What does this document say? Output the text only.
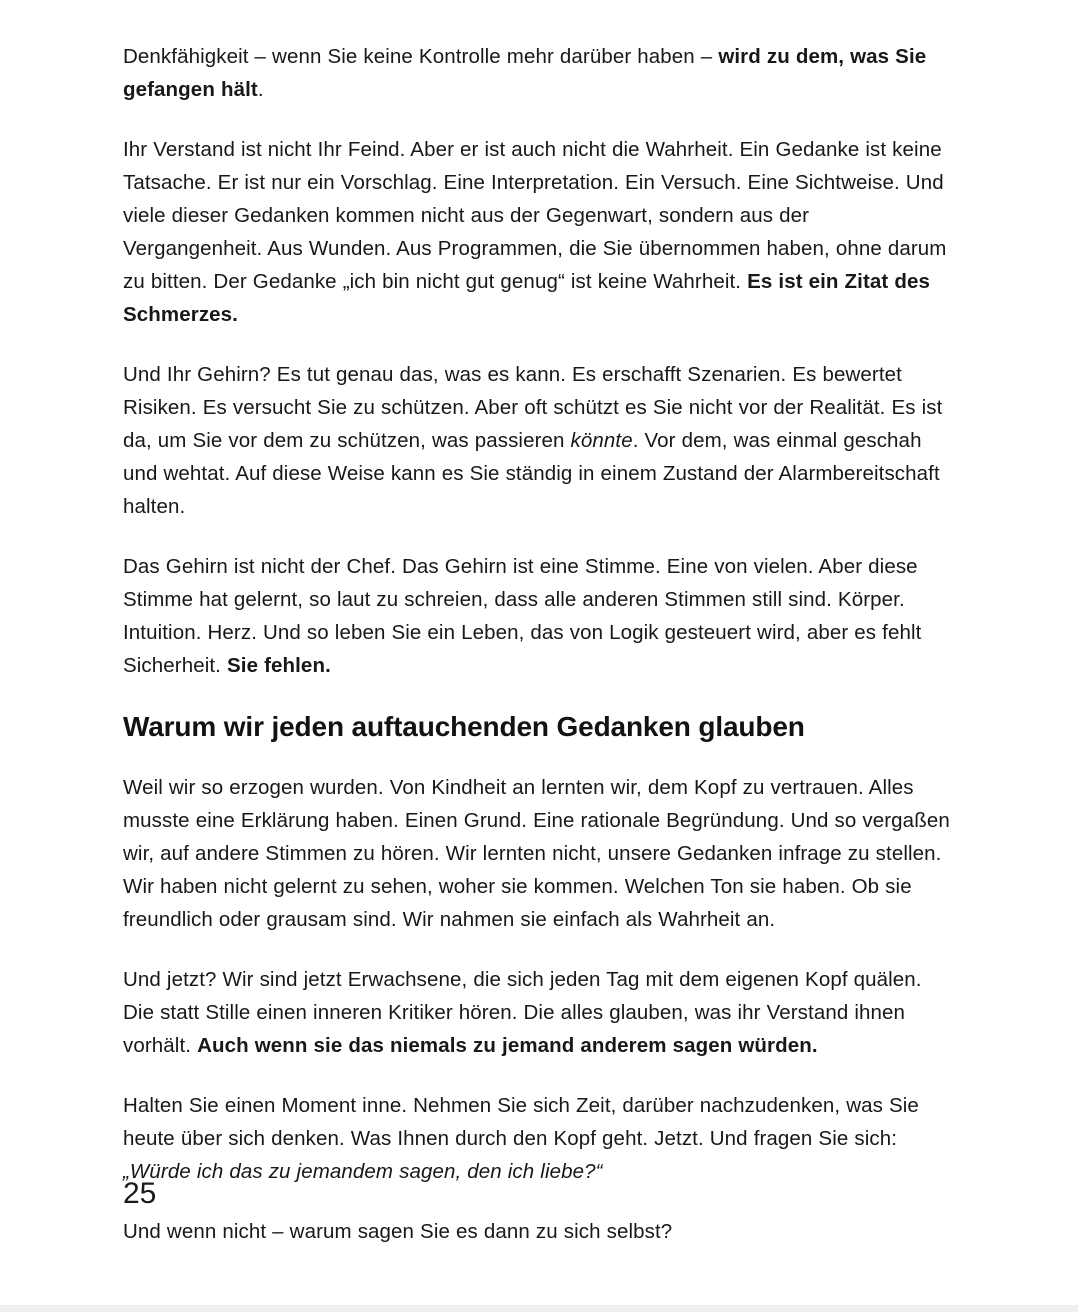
Denkfähigkeit – wenn Sie keine Kontrolle mehr darüber haben – wird zu dem, was Sie gefangen hält.

Ihr Verstand ist nicht Ihr Feind. Aber er ist auch nicht die Wahrheit. Ein Gedanke ist keine Tatsache. Er ist nur ein Vorschlag. Eine Interpretation. Ein Versuch. Eine Sichtweise. Und viele dieser Gedanken kommen nicht aus der Gegenwart, sondern aus der Vergangenheit. Aus Wunden. Aus Programmen, die Sie übernommen haben, ohne darum zu bitten. Der Gedanke „ich bin nicht gut genug“ ist keine Wahrheit. Es ist ein Zitat des Schmerzes.

Und Ihr Gehirn? Es tut genau das, was es kann. Es erschafft Szenarien. Es bewertet Risiken. Es versucht Sie zu schützen. Aber oft schützt es Sie nicht vor der Realität. Es ist da, um Sie vor dem zu schützen, was passieren könnte. Vor dem, was einmal geschah und wehtat. Auf diese Weise kann es Sie ständig in einem Zustand der Alarmbereitschaft halten.

Das Gehirn ist nicht der Chef. Das Gehirn ist eine Stimme. Eine von vielen. Aber diese Stimme hat gelernt, so laut zu schreien, dass alle anderen Stimmen still sind. Körper. Intuition. Herz. Und so leben Sie ein Leben, das von Logik gesteuert wird, aber es fehlt Sicherheit. Sie fehlen.

Warum wir jeden auftauchenden Gedanken glauben

Weil wir so erzogen wurden. Von Kindheit an lernten wir, dem Kopf zu vertrauen. Alles musste eine Erklärung haben. Einen Grund. Eine rationale Begründung. Und so vergaßen wir, auf andere Stimmen zu hören. Wir lernten nicht, unsere Gedanken infrage zu stellen. Wir haben nicht gelernt zu sehen, woher sie kommen. Welchen Ton sie haben. Ob sie freundlich oder grausam sind. Wir nahmen sie einfach als Wahrheit an.

Und jetzt? Wir sind jetzt Erwachsene, die sich jeden Tag mit dem eigenen Kopf quälen. Die statt Stille einen inneren Kritiker hören. Die alles glauben, was ihr Verstand ihnen vorhält. Auch wenn sie das niemals zu jemand anderem sagen würden.

Halten Sie einen Moment inne. Nehmen Sie sich Zeit, darüber nachzudenken, was Sie heute über sich denken. Was Ihnen durch den Kopf geht. Jetzt. Und fragen Sie sich: „Würde ich das zu jemandem sagen, den ich liebe?“

Und wenn nicht – warum sagen Sie es dann zu sich selbst?

25
